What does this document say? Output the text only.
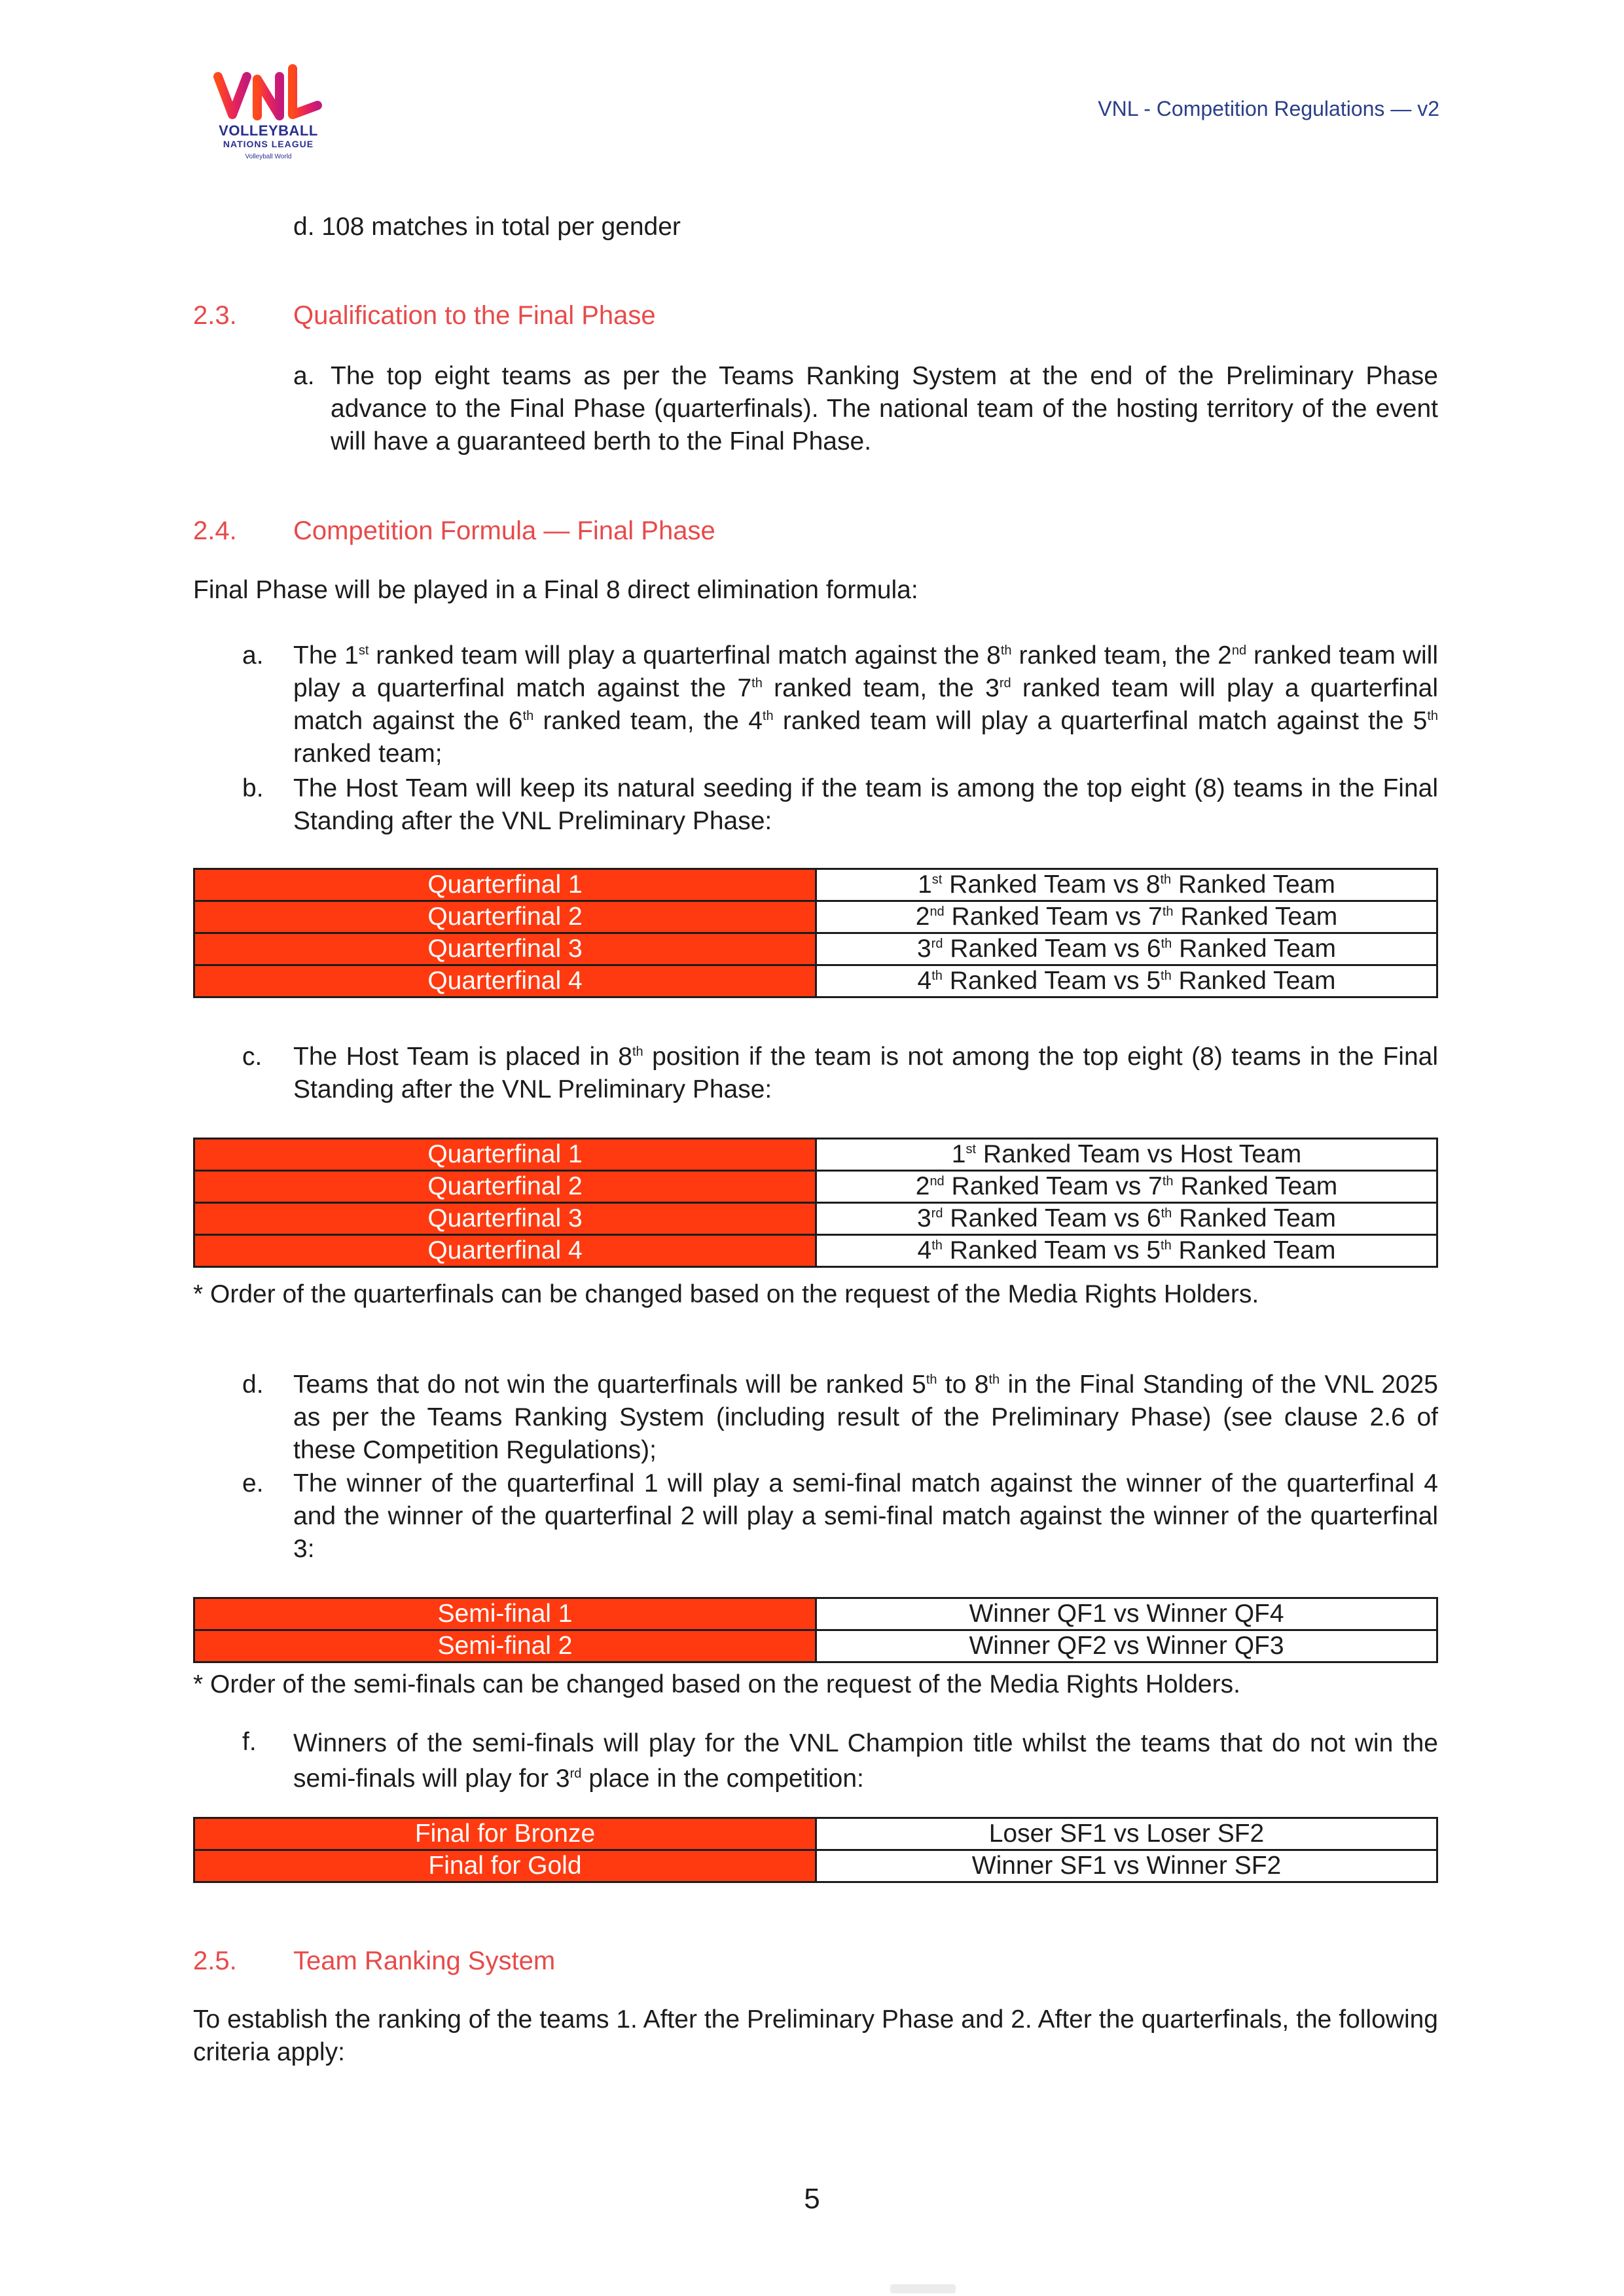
VOLLEYBALL
NATIONS LEAGUE
Volleyball World
VNL - Competition Regulations — v2
d. 108 matches in total per gender
2.3. Qualification to the Final Phase
a. The top eight teams as per the Teams Ranking System at the end of the Preliminary Phase advance to the Final Phase (quarterfinals). The national team of the hosting territory of the event will have a guaranteed berth to the Final Phase.
2.4. Competition Formula — Final Phase
Final Phase will be played in a Final 8 direct elimination formula:
a. The 1st ranked team will play a quarterfinal match against the 8th ranked team, the 2nd ranked team will play a quarterfinal match against the 7th ranked team, the 3rd ranked team will play a quarterfinal match against the 6th ranked team, the 4th ranked team will play a quarterfinal match against the 5th ranked team;
b. The Host Team will keep its natural seeding if the team is among the top eight (8) teams in the Final Standing after the VNL Preliminary Phase:
Quarterfinal 1	1st Ranked Team vs 8th Ranked Team
Quarterfinal 2	2nd Ranked Team vs 7th Ranked Team
Quarterfinal 3	3rd Ranked Team vs 6th Ranked Team
Quarterfinal 4	4th Ranked Team vs 5th Ranked Team
c. The Host Team is placed in 8th position if the team is not among the top eight (8) teams in the Final Standing after the VNL Preliminary Phase:
Quarterfinal 1	1st Ranked Team vs Host Team
Quarterfinal 2	2nd Ranked Team vs 7th Ranked Team
Quarterfinal 3	3rd Ranked Team vs 6th Ranked Team
Quarterfinal 4	4th Ranked Team vs 5th Ranked Team
* Order of the quarterfinals can be changed based on the request of the Media Rights Holders.
d. Teams that do not win the quarterfinals will be ranked 5th to 8th in the Final Standing of the VNL 2025 as per the Teams Ranking System (including result of the Preliminary Phase) (see clause 2.6 of these Competition Regulations);
e. The winner of the quarterfinal 1 will play a semi-final match against the winner of the quarterfinal 4 and the winner of the quarterfinal 2 will play a semi-final match against the winner of the quarterfinal 3:
Semi-final 1	Winner QF1 vs Winner QF4
Semi-final 2	Winner QF2 vs Winner QF3
* Order of the semi-finals can be changed based on the request of the Media Rights Holders.
f. Winners of the semi-finals will play for the VNL Champion title whilst the teams that do not win the semi-finals will play for 3rd place in the competition:
Final for Bronze	Loser SF1 vs Loser SF2
Final for Gold	Winner SF1 vs Winner SF2
2.5. Team Ranking System
To establish the ranking of the teams 1. After the Preliminary Phase and 2. After the quarterfinals, the following criteria apply:
5
